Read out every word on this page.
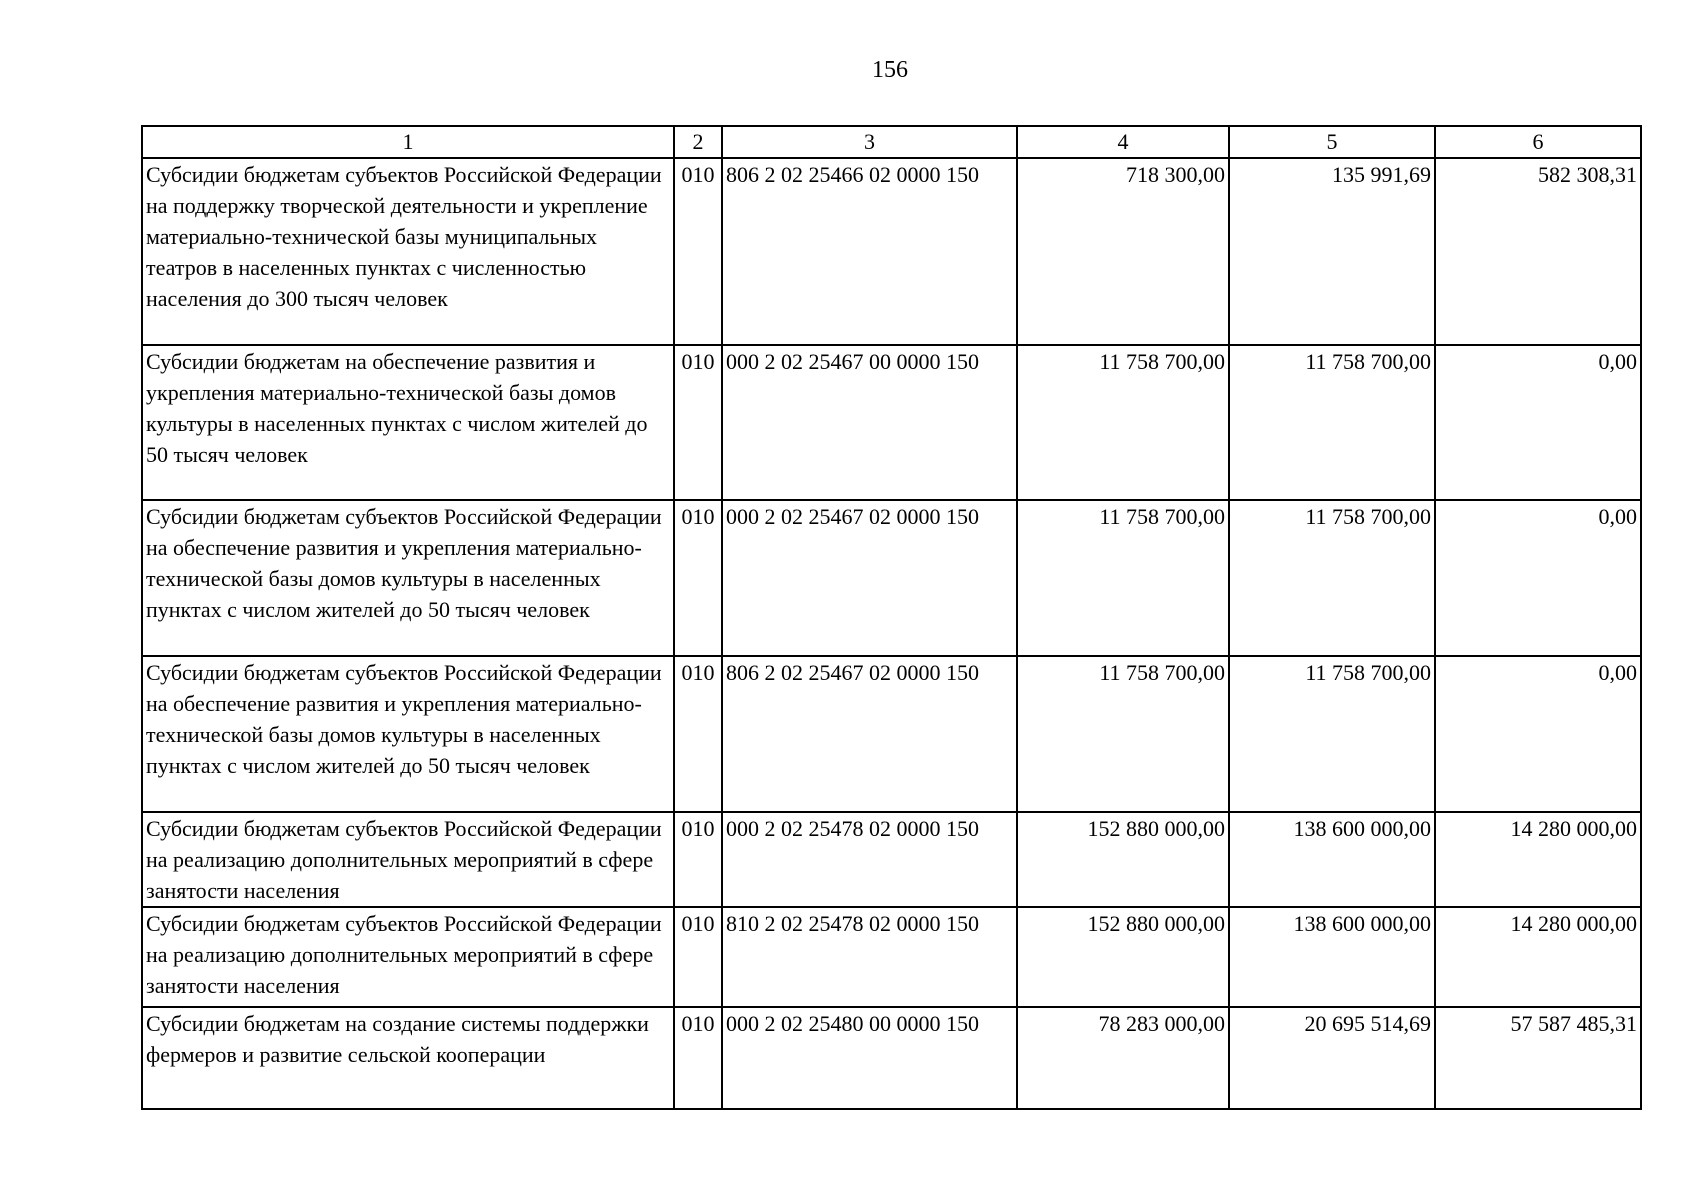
156
1	2	3	4	5	6
Субсидии бюджетам субъектов Российской Федерации на поддержку творческой деятельности и укрепление материально-технической базы муниципальных театров в населенных пунктах с численностью населения до 300 тысяч человек	010	806 2 02 25466 02 0000 150	718 300,00	135 991,69	582 308,31
Субсидии бюджетам на обеспечение развития и укрепления материально-технической базы домов культуры в населенных пунктах с числом жителей до 50 тысяч человек	010	000 2 02 25467 00 0000 150	11 758 700,00	11 758 700,00	0,00
Субсидии бюджетам субъектов Российской Федерации на обеспечение развития и укрепления материально-технической базы домов культуры в населенных пунктах с числом жителей до 50 тысяч человек	010	000 2 02 25467 02 0000 150	11 758 700,00	11 758 700,00	0,00
Субсидии бюджетам субъектов Российской Федерации на обеспечение развития и укрепления материально-технической базы домов культуры в населенных пунктах с числом жителей до 50 тысяч человек	010	806 2 02 25467 02 0000 150	11 758 700,00	11 758 700,00	0,00
Субсидии бюджетам субъектов Российской Федерации на реализацию дополнительных мероприятий в сфере занятости населения	010	000 2 02 25478 02 0000 150	152 880 000,00	138 600 000,00	14 280 000,00
Субсидии бюджетам субъектов Российской Федерации на реализацию дополнительных мероприятий в сфере занятости населения	010	810 2 02 25478 02 0000 150	152 880 000,00	138 600 000,00	14 280 000,00
Субсидии бюджетам на создание системы поддержки фермеров и развитие сельской кооперации	010	000 2 02 25480 00 0000 150	78 283 000,00	20 695 514,69	57 587 485,31
